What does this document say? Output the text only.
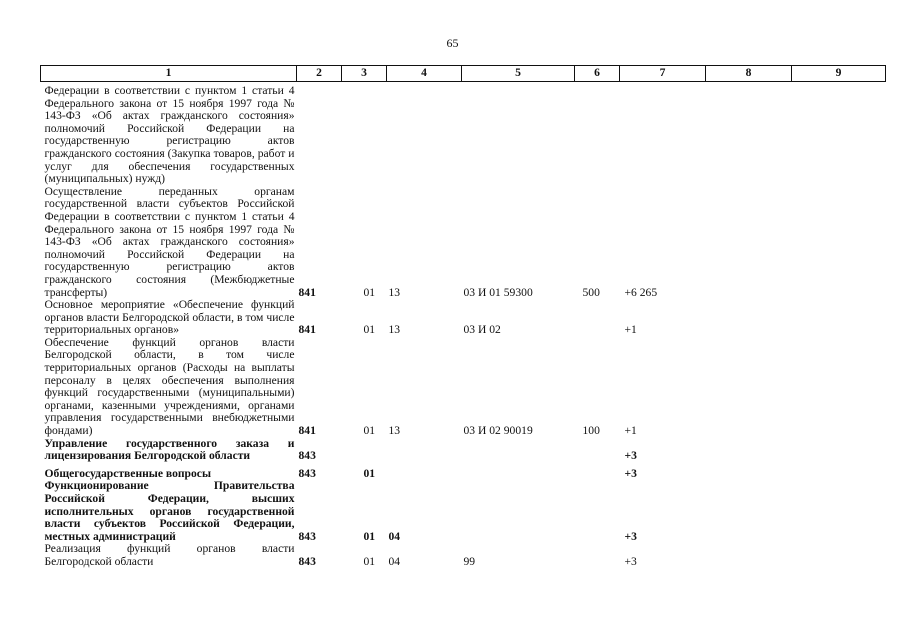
65
1	2	3	4	5	6	7	8	9
Федерации в соответствии с пунктом 1 статьи 4 Федерального закона от 15 ноября 1997 года № 143-ФЗ «Об актах гражданского состояния» полномочий Российской Федерации на государственную регистрацию актов гражданского состояния (Закупка товаров, работ и услуг для обеспечения государственных (муниципальных) нужд)								
Осуществление переданных органам государственной власти субъектов Российской Федерации в соответствии с пунктом 1 статьи 4 Федерального закона от 15 ноября 1997 года № 143-ФЗ «Об актах гражданского состояния» полномочий Российской Федерации на государственную регистрацию актов гражданского состояния (Межбюджетные трансферты)	841	01	13	03 И 01 59300	500	+6 265		
Основное мероприятие «Обеспечение функций органов власти Белгородской области, в том числе территориальных органов»	841	01	13	03 И 02		+1		
Обеспечение функций органов власти Белгородской области, в том числе территориальных органов (Расходы на выплаты персоналу в целях обеспечения выполнения функций государственными (муниципальными) органами, казенными учреждениями, органами управления государственными внебюджетными фондами)	841	01	13	03 И 02 90019	100	+1		
Управление государственного заказа и лицензирования Белгородской области	843					+3		
Общегосударственные вопросы	843	01				+3		
Функционирование Правительства Российской Федерации, высших исполнительных органов государственной власти субъектов Российской Федерации, местных администраций	843	01	04			+3		
Реализация функций органов власти Белгородской области	843	01	04	99		+3		
